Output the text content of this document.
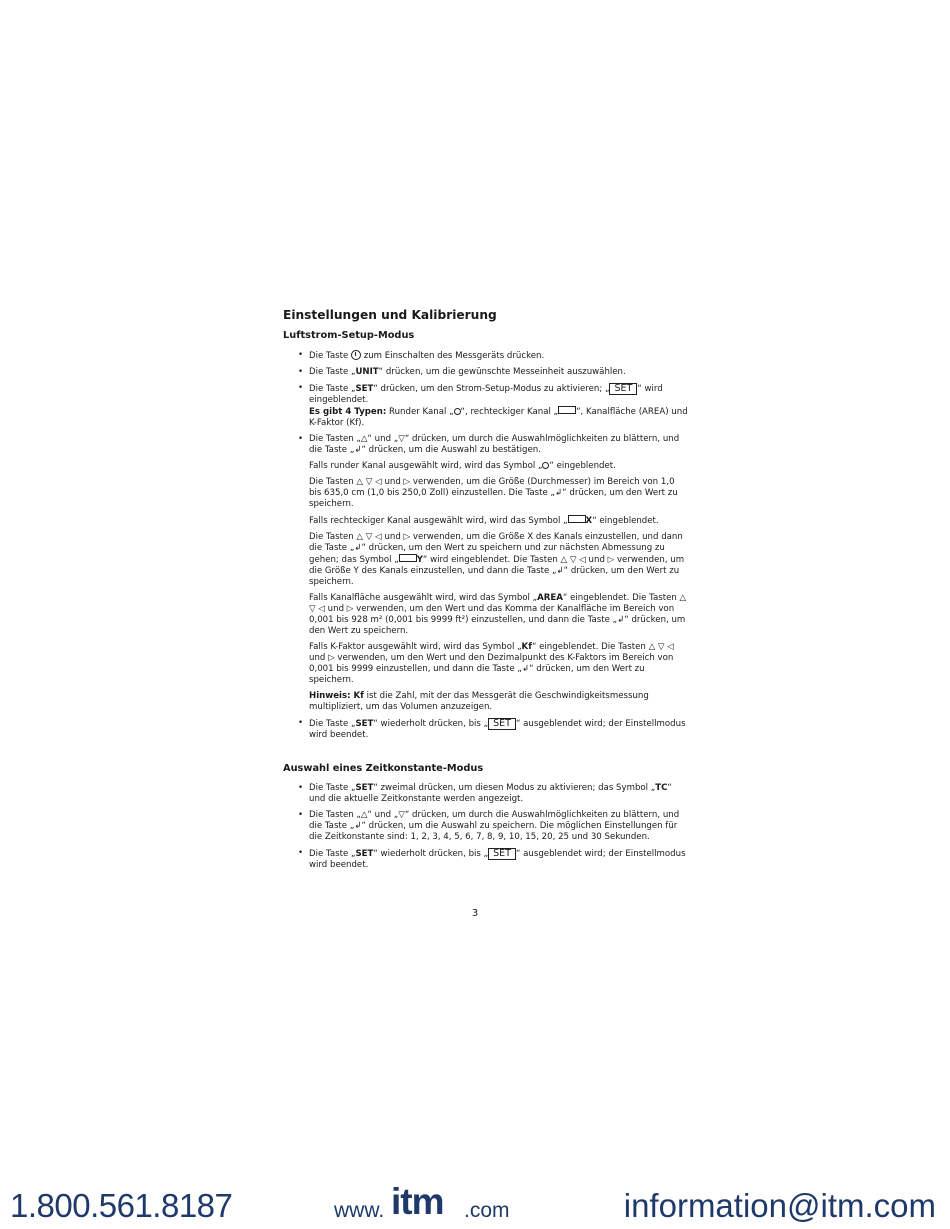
Einstellungen und Kalibrierung
Luftstrom-Setup-Modus
• Die Taste  zum Einschalten des Messgeräts drücken.
• Die Taste „UNIT“ drücken, um die gewünschte Messeinheit auszuwählen.
• Die Taste „SET“ drücken, um den Strom-Setup-Modus zu aktivieren; „ SET “ wird eingeblendet.
Es gibt 4 Typen: Runder Kanal „ “, rechteckiger Kanal „ “, Kanalfläche (AREA) und K-Faktor (Kf).
• Die Tasten „△“ und „▽“ drücken, um durch die Auswahlmöglichkeiten zu blättern, und die Taste „↲“ drücken, um die Auswahl zu bestätigen.
Falls runder Kanal ausgewählt wird, wird das Symbol „ “ eingeblendet.
Die Tasten △ ▽ ◁ und ▷ verwenden, um die Größe (Durchmesser) im Bereich von 1,0 bis 635,0 cm (1,0 bis 250,0 Zoll) einzustellen. Die Taste „↲“ drücken, um den Wert zu speichern.
Falls rechteckiger Kanal ausgewählt wird, wird das Symbol „ X“ eingeblendet.
Die Tasten △ ▽ ◁ und ▷ verwenden, um die Größe X des Kanals einzustellen, und dann die Taste „↲“ drücken, um den Wert zu speichern und zur nächsten Abmessung zu gehen; das Symbol „ Y“ wird eingeblendet. Die Tasten △ ▽ ◁ und ▷ verwenden, um die Größe Y des Kanals einzustellen, und dann die Taste „↲“ drücken, um den Wert zu speichern.
Falls Kanalfläche ausgewählt wird, wird das Symbol „AREA“ eingeblendet. Die Tasten △ ▽ ◁ und ▷ verwenden, um den Wert und das Komma der Kanalfläche im Bereich von 0,001 bis 928 m² (0,001 bis 9999 ft²) einzustellen, und dann die Taste „↲“ drücken, um den Wert zu speichern.
Falls K-Faktor ausgewählt wird, wird das Symbol „Kf“ eingeblendet. Die Tasten △ ▽ ◁ und ▷ verwenden, um den Wert und den Dezimalpunkt des K-Faktors im Bereich von 0,001 bis 9999 einzustellen, und dann die Taste „↲“ drücken, um den Wert zu speichern.
Hinweis: Kf ist die Zahl, mit der das Messgerät die Geschwindigkeitsmessung multipliziert, um das Volumen anzuzeigen.
• Die Taste „SET“ wiederholt drücken, bis „ SET “ ausgeblendet wird; der Einstellmodus wird beendet.
Auswahl eines Zeitkonstante-Modus
• Die Taste „SET“ zweimal drücken, um diesen Modus zu aktivieren; das Symbol „TC“ und die aktuelle Zeitkonstante werden angezeigt.
• Die Tasten „△“ und „▽“ drücken, um durch die Auswahlmöglichkeiten zu blättern, und die Taste „↲“ drücken, um die Auswahl zu speichern. Die möglichen Einstellungen für die Zeitkonstante sind: 1, 2, 3, 4, 5, 6, 7, 8, 9, 10, 15, 20, 25 und 30 Sekunden.
• Die Taste „SET“ wiederholt drücken, bis „ SET “ ausgeblendet wird; der Einstellmodus wird beendet.
3
1.800.561.8187	www. itm .com	information@itm.com
